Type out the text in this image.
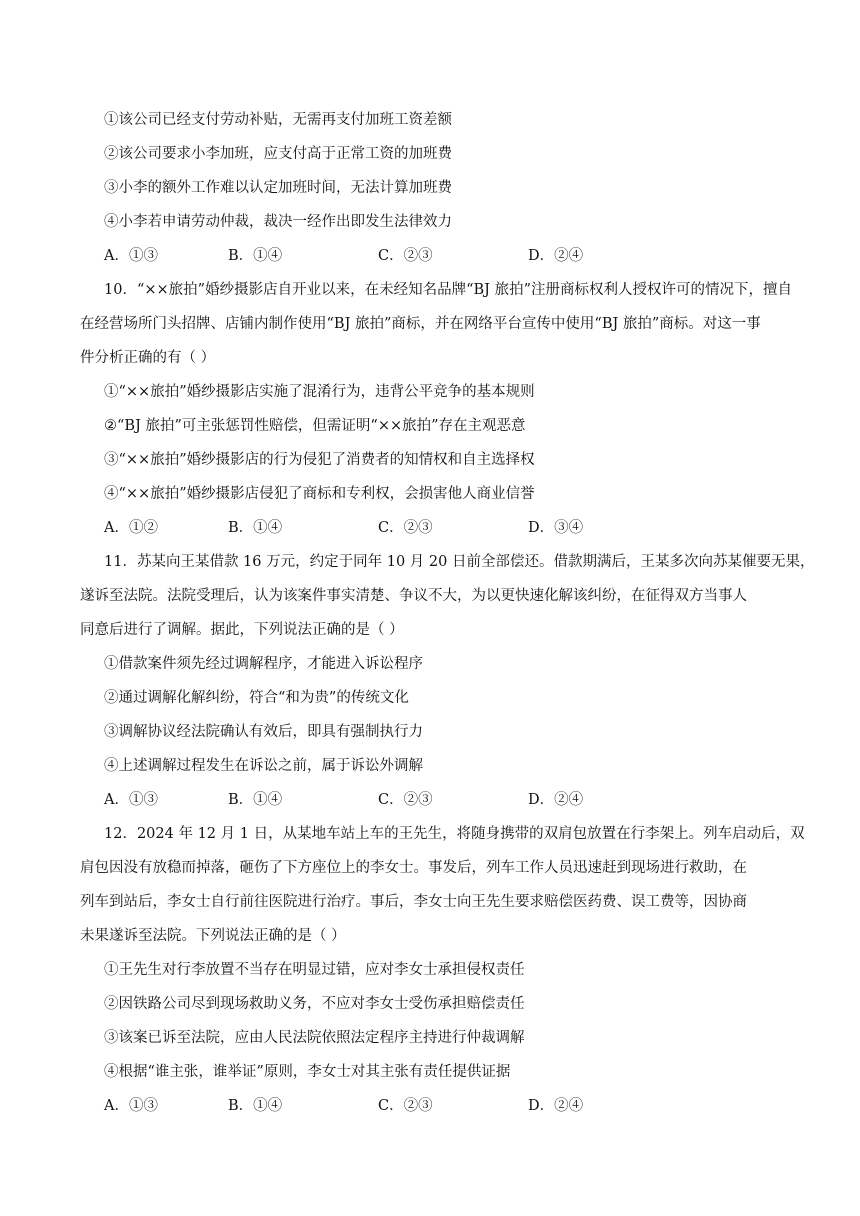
①该公司已经支付劳动补贴，无需再支付加班工资差额
②该公司要求小李加班，应支付高于正常工资的加班费
③小李的额外工作难以认定加班时间，无法计算加班费
④小李若申请劳动仲裁，裁决一经作出即发生法律效力
A．①③	B．①④	C．②③	D．②④
10．“××旅拍”婚纱摄影店自开业以来，在未经知名品牌“BJ 旅拍”注册商标权利人授权许可的情况下，擅自
在经营场所门头招牌、店铺内制作使用“BJ 旅拍”商标，并在网络平台宣传中使用“BJ 旅拍”商标。对这一事
件分析正确的有（ ）
①“××旅拍”婚纱摄影店实施了混淆行为，违背公平竞争的基本规则
②“BJ 旅拍”可主张惩罚性赔偿，但需证明“××旅拍”存在主观恶意
③“××旅拍”婚纱摄影店的行为侵犯了消费者的知情权和自主选择权
④“××旅拍”婚纱摄影店侵犯了商标和专利权，会损害他人商业信誉
A．①②	B．①④	C．②③	D．③④
11．苏某向王某借款 16 万元，约定于同年 10 月 20 日前全部偿还。借款期满后，王某多次向苏某催要无果，
遂诉至法院。法院受理后，认为该案件事实清楚、争议不大，为以更快速化解该纠纷，在征得双方当事人
同意后进行了调解。据此，下列说法正确的是（ ）
①借款案件须先经过调解程序，才能进入诉讼程序
②通过调解化解纠纷，符合“和为贵”的传统文化
③调解协议经法院确认有效后，即具有强制执行力
④上述调解过程发生在诉讼之前，属于诉讼外调解
A．①③	B．①④	C．②③	D．②④
12．2024 年 12 月 1 日，从某地车站上车的王先生，将随身携带的双肩包放置在行李架上。列车启动后，双
肩包因没有放稳而掉落，砸伤了下方座位上的李女士。事发后，列车工作人员迅速赶到现场进行救助，在
列车到站后，李女士自行前往医院进行治疗。事后，李女士向王先生要求赔偿医药费、误工费等，因协商
未果遂诉至法院。下列说法正确的是（ ）
①王先生对行李放置不当存在明显过错，应对李女士承担侵权责任
②因铁路公司尽到现场救助义务，不应对李女士受伤承担赔偿责任
③该案已诉至法院，应由人民法院依照法定程序主持进行仲裁调解
④根据“谁主张，谁举证”原则，李女士对其主张有责任提供证据
A．①③	B．①④	C．②③	D．②④
